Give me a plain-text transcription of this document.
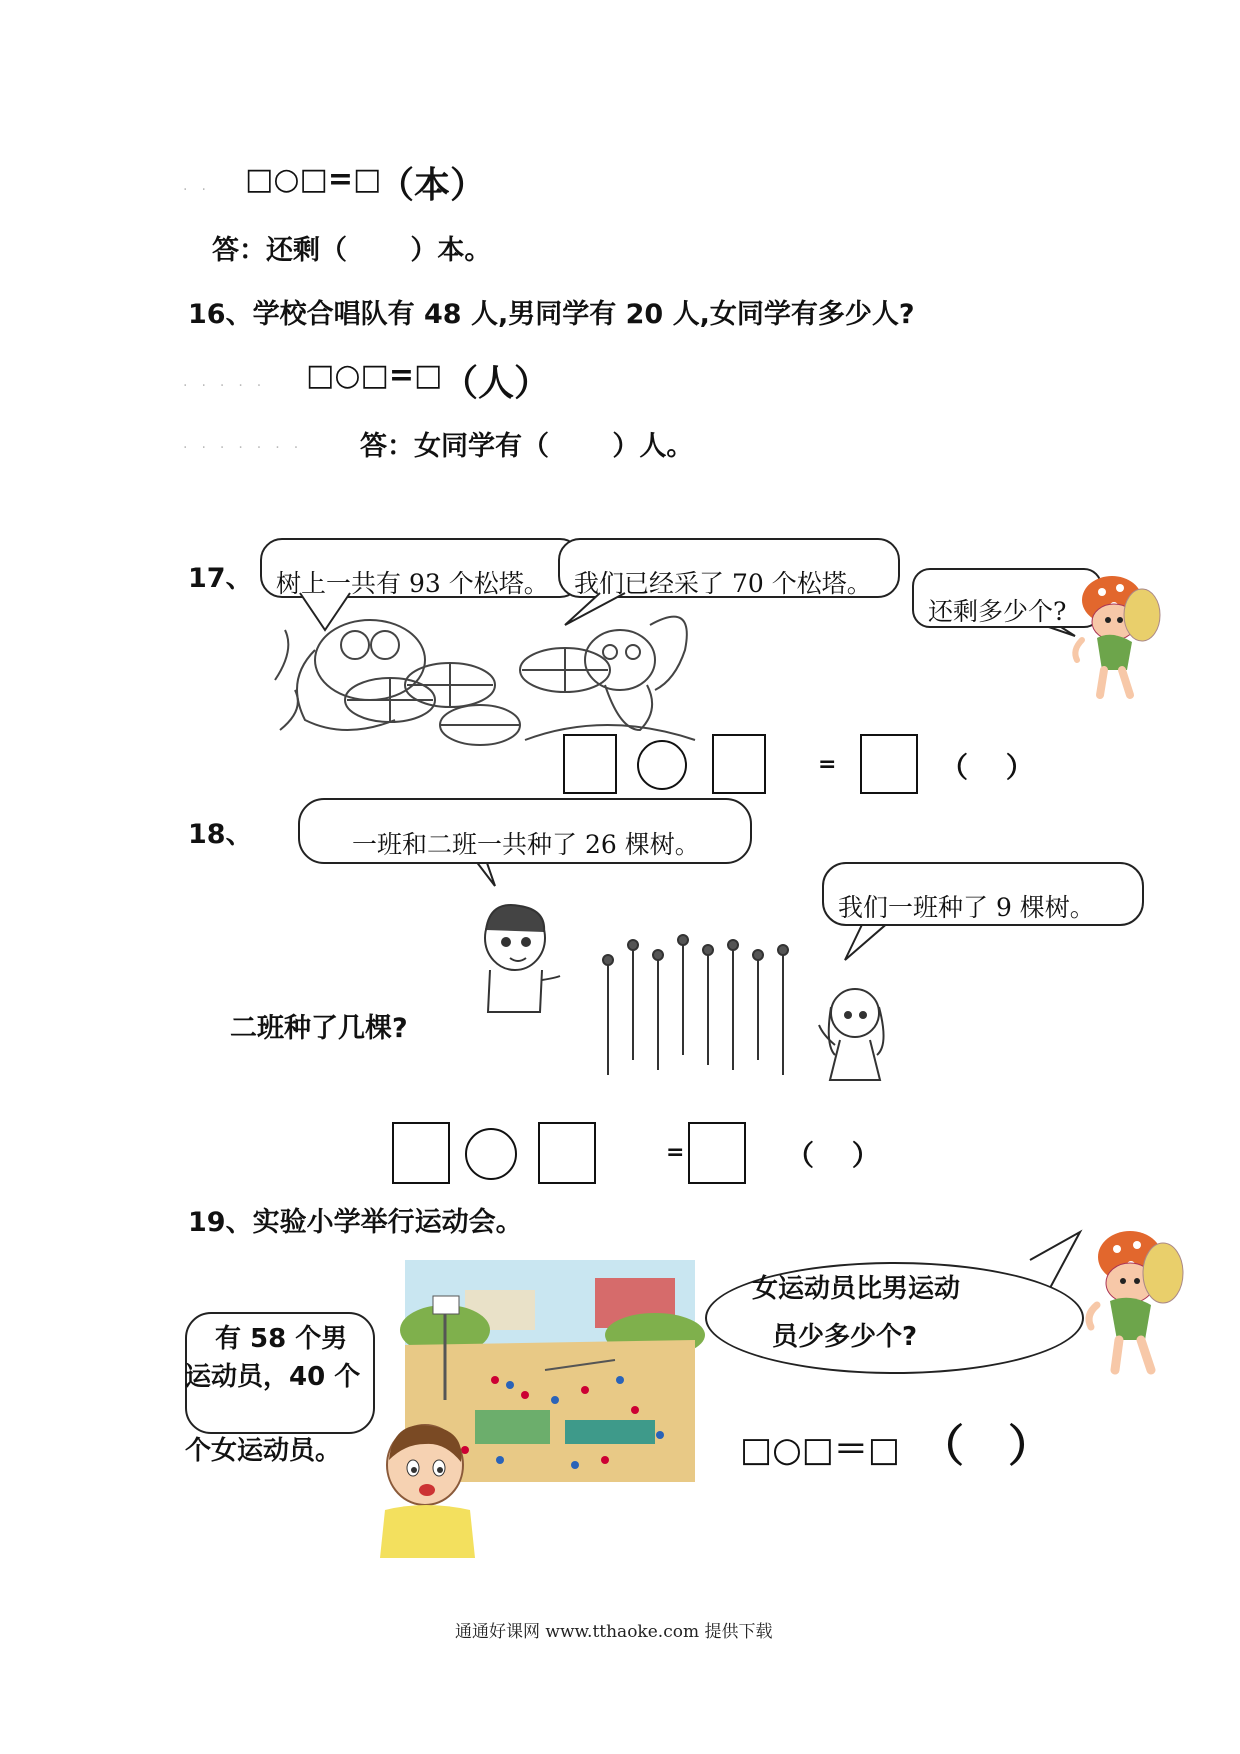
·· □○□=□
（本）
答：还剩（　　 ）本。
16、学校合唱队有 48 人,男同学有 20 人,女同学有多少人?
····· □○□=□ （人）
······· 答：女同学有（　　 ）人。
17、 树上一共有 93 个松塔。 我们已经采了 70 个松塔。
还剩多少个?
=	（　 ）
18、	一班和二班一共种了 26 棵树。
我们一班种了 9 棵树。
二班种了几棵?
=	（　 ）
19、实验小学举行运动会。
有 58 个男
运动员，40 个
个女运动员。
女运动员比男运动
员少多少个?
□○□＝□ （　）
通通好课网 www.tthaoke.com 提供下载
